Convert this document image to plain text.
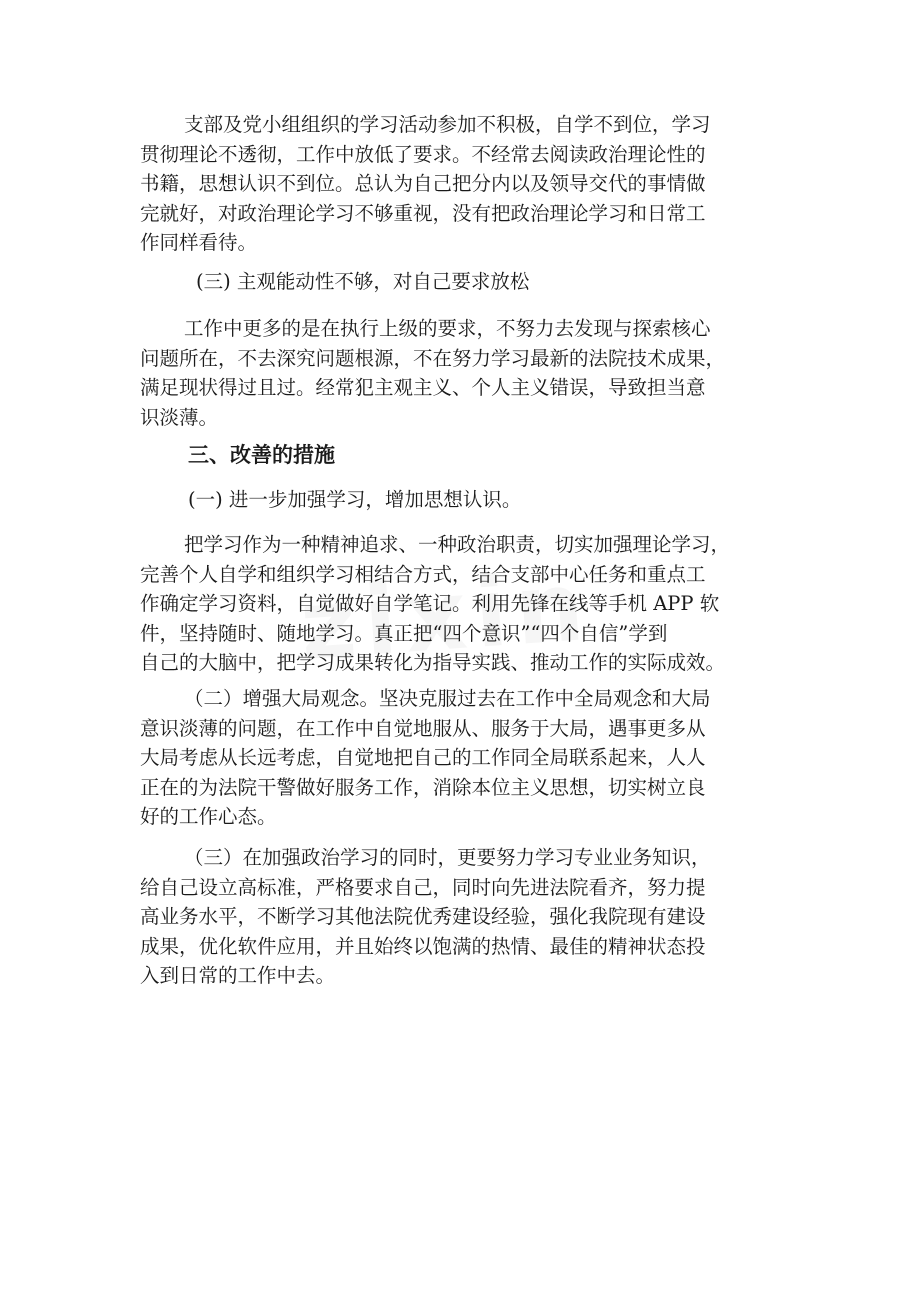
支部及党小组组织的学习活动参加不积极，自学不到位，学习
贯彻理论不透彻，工作中放低了要求。不经常去阅读政治理论性的
书籍，思想认识不到位。总认为自己把分内以及领导交代的事情做
完就好，对政治理论学习不够重视，没有把政治理论学习和日常工
作同样看待。

(三) 主观能动性不够，对自己要求放松

工作中更多的是在执行上级的要求，不努力去发现与探索核心
问题所在，不去深究问题根源，不在努力学习最新的法院技术成果，
满足现状得过且过。经常犯主观主义、个人主义错误，导致担当意
识淡薄。

三、改善的措施

(一) 进一步加强学习，增加思想认识。

把学习作为一种精神追求、一种政治职责，切实加强理论学习，
完善个人自学和组织学习相结合方式，结合支部中心任务和重点工
作确定学习资料，自觉做好自学笔记。利用先锋在线等手机 APP 软
件，坚持随时、随地学习。真正把“四个意识”“四个自信”学到
自己的大脑中，把学习成果转化为指导实践、推动工作的实际成效。

（二）增强大局观念。坚决克服过去在工作中全局观念和大局
意识淡薄的问题，在工作中自觉地服从、服务于大局，遇事更多从
大局考虑从长远考虑，自觉地把自己的工作同全局联系起来，人人
正在的为法院干警做好服务工作，消除本位主义思想，切实树立良
好的工作心态。

（三）在加强政治学习的同时，更要努力学习专业业务知识，
给自己设立高标准，严格要求自己，同时向先进法院看齐，努力提
高业务水平，不断学习其他法院优秀建设经验，强化我院现有建设
成果，优化软件应用，并且始终以饱满的热情、最佳的精神状态投
入到日常的工作中去。
